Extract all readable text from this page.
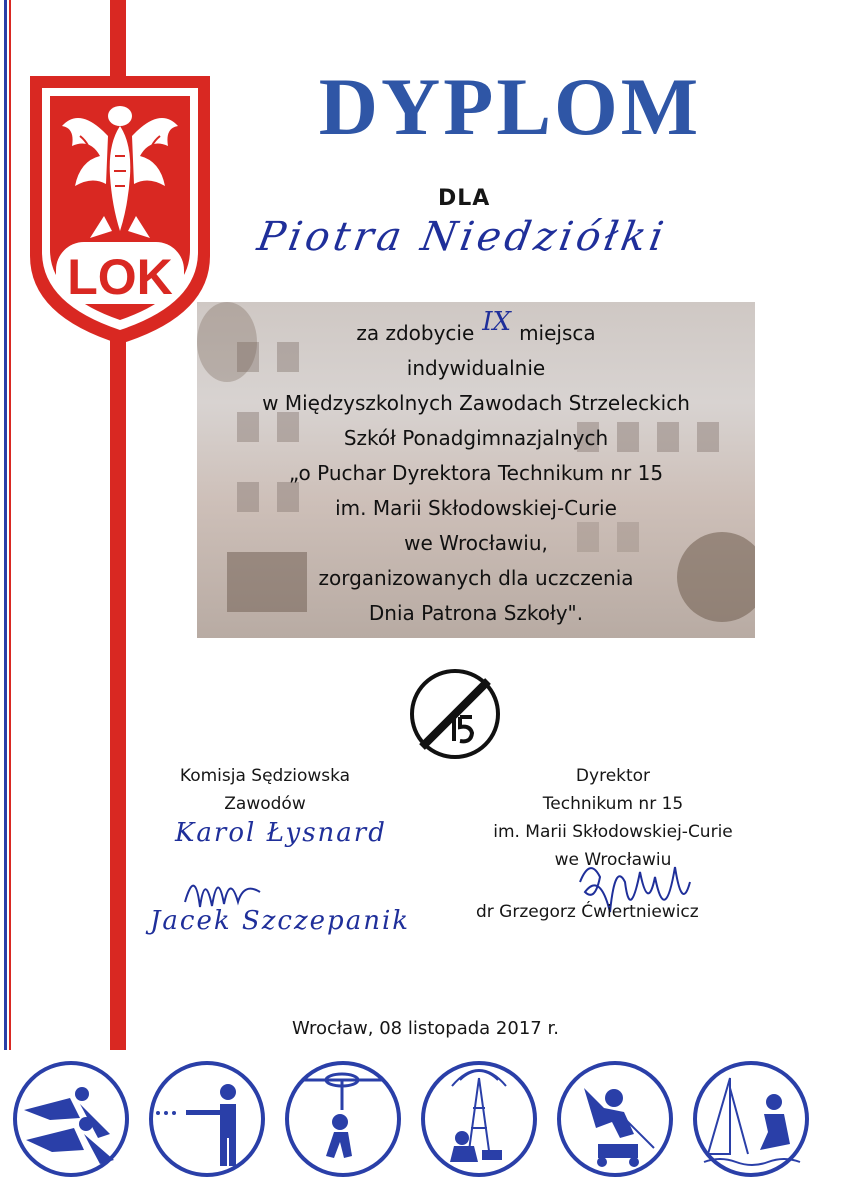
LOK
DYPLOM
DLA
Piotra Niedziółki
za zdobycie IX miejsca
indywidualnie
w Międzyszkolnych Zawodach Strzeleckich
Szkół Ponadgimnazjalnych
„o Puchar Dyrektora Technikum nr 15
im. Marii Skłodowskiej-Curie
we Wrocławiu,
zorganizowanych dla uczczenia
Dnia Patrona Szkoły".
15
Komisja Sędziowska
Zawodów
Karol Łysnard
Jacek Szczepanik
Dyrektor
Technikum nr 15
im. Marii Skłodowskiej-Curie
we Wrocławiu
dr Grzegorz Ćwiertniewicz
Wrocław, 08 listopada 2017 r.
